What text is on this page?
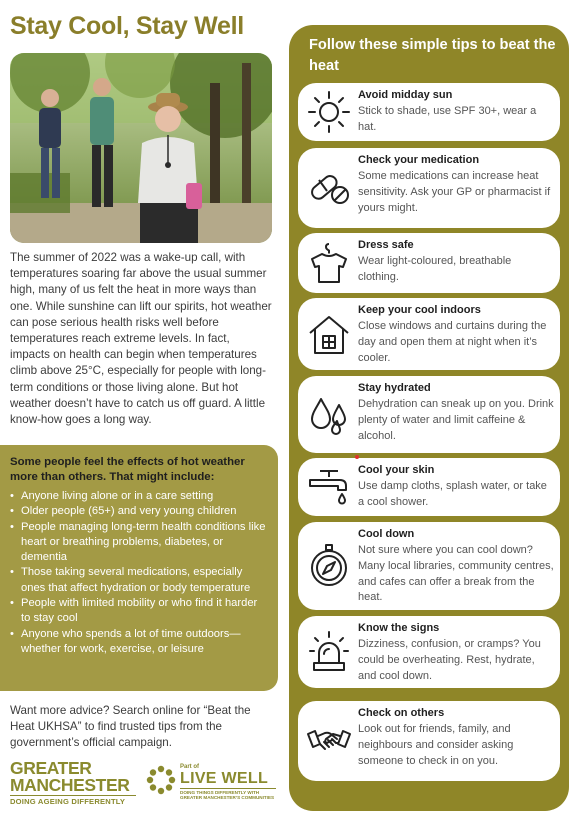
Stay Cool, Stay Well
The summer of 2022 was a wake-up call, with temperatures soaring far above the usual summer high, many of us felt the heat in more ways than one. While sunshine can lift our spirits, hot weather can pose serious health risks well before temperatures reach extreme levels. In fact, impacts on health can begin when temperatures climb above 25°C, especially for people with long-term conditions or those living alone. But hot weather doesn’t have to catch us off guard. A little know-how goes a long way.
Some people feel the effects of hot weather more than others. That might include:
• Anyone living alone or in a care setting
• Older people (65+) and very young children
• People managing long-term health conditions like heart or breathing problems, diabetes, or dementia
• Those taking several medications, especially ones that affect hydration or body temperature
• People with limited mobility or who find it harder to stay cool
• Anyone who spends a lot of time outdoors—whether for work, exercise, or leisure
Want more advice? Search online for “Beat the Heat UKHSA” to find trusted tips from the government’s official campaign.
GREATER
MANCHESTER
DOING AGEING DIFFERENTLY
Part of
LIVE WELL
DOING THINGS DIFFERENTLY WITH GREATER MANCHESTER’S COMMUNITIES
Follow these simple tips to beat the heat
Avoid midday sun
Stick to shade, use SPF 30+, wear a hat.
Check your medication
Some medications can increase heat sensitivity. Ask your GP or pharmacist if yours might.
Dress safe
Wear light-coloured, breathable clothing.
Keep your cool indoors
Close windows and curtains during the day and open them at night when it’s cooler.
Stay hydrated
Dehydration can sneak up on you. Drink plenty of water and limit caffeine & alcohol.
Cool your skin
Use damp cloths, splash water, or take a cool shower.
Cool down
Not sure where you can cool down? Many local libraries, community centres, and cafes can offer a break from the heat.
Know the signs
Dizziness, confusion, or cramps? You could be overheating. Rest, hydrate, and cool down.
Check on others
Look out for friends, family, and neighbours and consider asking someone to check in on you.
